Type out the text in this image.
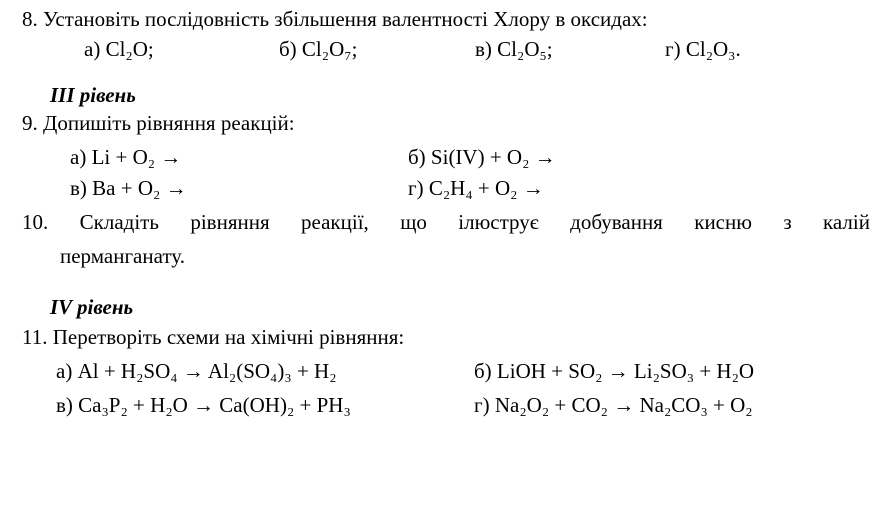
8. Установіть послідовність збільшення валентності Хлору в оксидах:
а) Cl₂O;	б) Cl₂O₇;	в) Cl₂O₅;	г) Cl₂O₃.
III рівень
9. Допишіть рівняння реакцій:
а) Li + O₂ →	б) Si(IV) + O₂ →
в) Ba + O₂ →	г) C₂H₄ + O₂ →
10. Складіть рівняння реакції, що ілюструє добування кисню з калій
перманганату.
IV рівень
11. Перетворіть схеми на хімічні рівняння:
а) Al + H₂SO₄ → Al₂(SO₄)₃ + H₂	б) LiOH + SO₂ → Li₂SO₃ + H₂O
в) Ca₃P₂ + H₂O → Ca(OH)₂ + PH₃	г) Na₂O₂ + CO₂ → Na₂CO₃ + O₂
